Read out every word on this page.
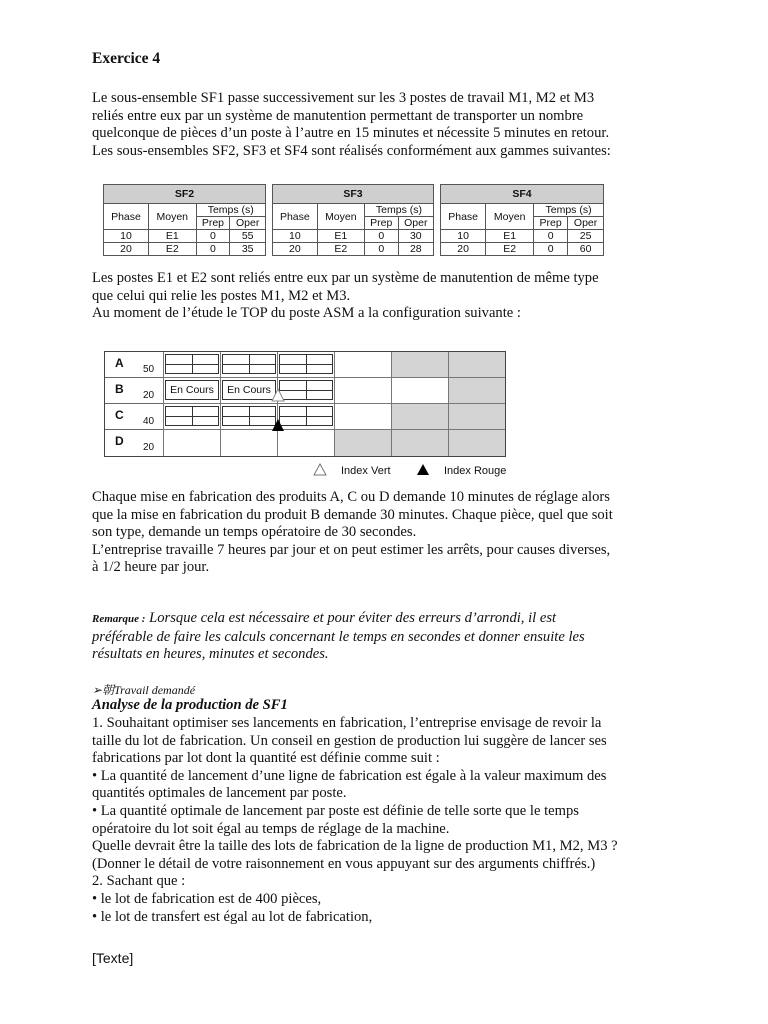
Exercice 4
Le sous-ensemble SF1 passe successivement sur les 3 postes de travail M1, M2 et M3
reliés entre eux par un système de manutention permettant de transporter un nombre
quelconque de pièces d’un poste à l’autre en 15 minutes et nécessite 5 minutes en retour.
Les sous-ensembles SF2, SF3 et SF4 sont réalisés conformément aux gammes suivantes:
SF2			
Phase	Moyen	Temps (s)	
		Prep	Oper
10	E1	0	55
20	E2	0	35
SF3			
Phase	Moyen	Temps (s)	
		Prep	Oper
10	E1	0	30
20	E2	0	28
SF4			
Phase	Moyen	Temps (s)	
		Prep	Oper
10	E1	0	25
20	E2	0	60
Les postes E1 et E2 sont reliés entre eux par un système de manutention de même type
que celui qui relie les postes M1, M2 et M3.
Au moment de l’étude le TOP du poste ASM a la configuration suivante :
A 50
B 20
C 40
D 20
En Cours	En Cours
Index Vert	Index Rouge
Chaque mise en fabrication des produits A, C ou D demande 10 minutes de réglage alors
que la mise en fabrication du produit B demande 30 minutes. Chaque pièce, quel que soit
son type, demande un temps opératoire de 30 secondes.
L’entreprise travaille 7 heures par jour et on peut estimer les arrêts, pour causes diverses,
à 1/2 heure par jour.
Remarque : Lorsque cela est nécessaire et pour éviter des erreurs d’arrondi, il est
préférable de faire les calculs concernant le temps en secondes et donner ensuite les
résultats en heures, minutes et secondes.
➢朝Travail demandé
Analyse de la production de SF1
1. Souhaitant optimiser ses lancements en fabrication, l’entreprise envisage de revoir la
taille du lot de fabrication. Un conseil en gestion de production lui suggère de lancer ses
fabrications par lot dont la quantité est définie comme suit :
• La quantité de lancement d’une ligne de fabrication est égale à la valeur maximum des
quantités optimales de lancement par poste.
• La quantité optimale de lancement par poste est définie de telle sorte que le temps
opératoire du lot soit égal au temps de réglage de la machine.
Quelle devrait être la taille des lots de fabrication de la ligne de production M1, M2, M3 ?
(Donner le détail de votre raisonnement en vous appuyant sur des arguments chiffrés.)
2. Sachant que :
• le lot de fabrication est de 400 pièces,
• le lot de transfert est égal au lot de fabrication,
[Texte]
